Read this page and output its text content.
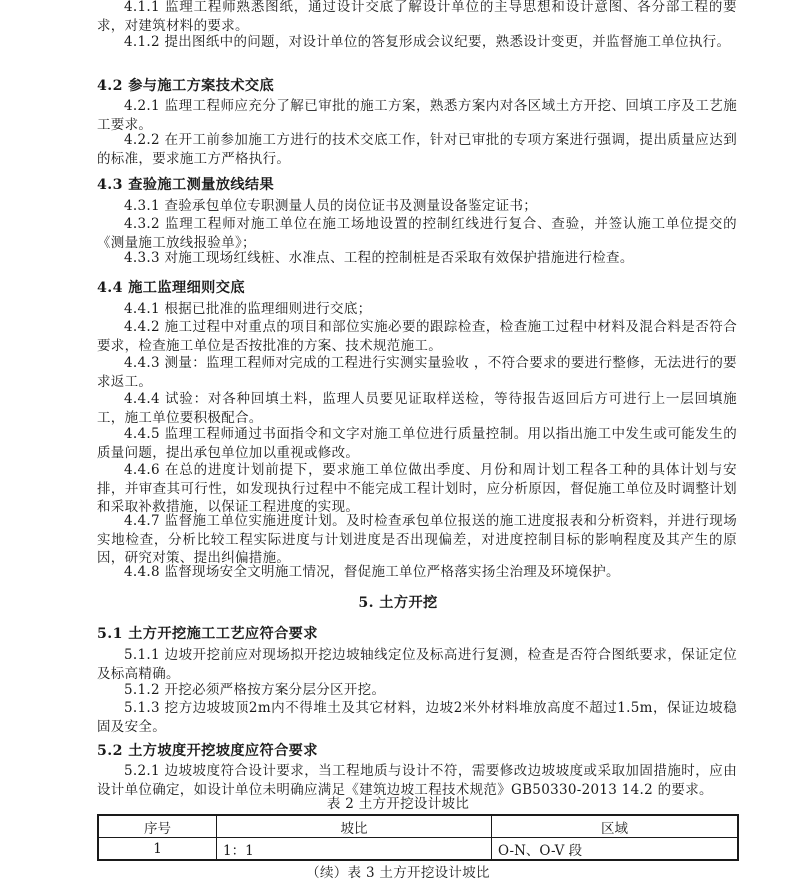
4.1.1 监理工程师熟悉图纸，通过设计交底了解设计单位的主导思想和设计意图、各分部工程的要求，对建筑材料的要求。

4.1.2 提出图纸中的问题，对设计单位的答复形成会议纪要，熟悉设计变更，并监督施工单位执行。

4.2 参与施工方案技术交底

4.2.1 监理工程师应充分了解已审批的施工方案，熟悉方案内对各区域土方开挖、回填工序及工艺施工要求。

4.2.2 在开工前参加施工方进行的技术交底工作，针对已审批的专项方案进行强调，提出质量应达到的标准，要求施工方严格执行。

4.3 查验施工测量放线结果

4.3.1 查验承包单位专职测量人员的岗位证书及测量设备鉴定证书；

4.3.2 监理工程师对施工单位在施工场地设置的控制红线进行复合、查验，并签认施工单位提交的《测量施工放线报验单》；

4.3.3 对施工现场红线桩、水准点、工程的控制桩是否采取有效保护措施进行检查。

4.4 施工监理细则交底

4.4.1 根据已批准的监理细则进行交底；

4.4.2 施工过程中对重点的项目和部位实施必要的跟踪检查，检查施工过程中材料及混合料是否符合要求，检查施工单位是否按批准的方案、技术规范施工。

4.4.3 测量：监理工程师对完成的工程进行实测实量验收 ，不符合要求的要进行整修，无法进行的要求返工。

4.4.4 试验：对各种回填土料，监理人员要见证取样送检，等待报告返回后方可进行上一层回填施工，施工单位要积极配合。

4.4.5 监理工程师通过书面指令和文字对施工单位进行质量控制。用以指出施工中发生或可能发生的质量问题，提出承包单位加以重视或修改。

4.4.6 在总的进度计划前提下，要求施工单位做出季度、月份和周计划工程各工种的具体计划与安排，并审查其可行性，如发现执行过程中不能完成工程计划时，应分析原因，督促施工单位及时调整计划和采取补救措施，以保证工程进度的实现。

4.4.7 监督施工单位实施进度计划。及时检查承包单位报送的施工进度报表和分析资料，并进行现场实地检查，分析比较工程实际进度与计划进度是否出现偏差，对进度控制目标的影响程度及其产生的原因，研究对策、提出纠偏措施。

4.4.8 监督现场安全文明施工情况，督促施工单位严格落实扬尘治理及环境保护。

5. 土方开挖
5.1 土方开挖施工工艺应符合要求

5.1.1 边坡开挖前应对现场拟开挖边坡轴线定位及标高进行复测，检查是否符合图纸要求，保证定位及标高精确。

5.1.2 开挖必须严格按方案分层分区开挖。

5.1.3 挖方边坡坡顶2m内不得堆土及其它材料，边坡2米外材料堆放高度不超过1.5m，保证边坡稳固及安全。

5.2 土方坡度开挖坡度应符合要求

5.2.1 边坡坡度符合设计要求，当工程地质与设计不符，需要修改边坡坡度或采取加固措施时，应由设计单位确定，如设计单位未明确应满足《建筑边坡工程技术规范》GB50330-2013 14.2 的要求。

表 2 土方开挖设计坡比
序号	坡比	区域
1	1：1	O-N、O-V 段
（续）表 3 土方开挖设计坡比
